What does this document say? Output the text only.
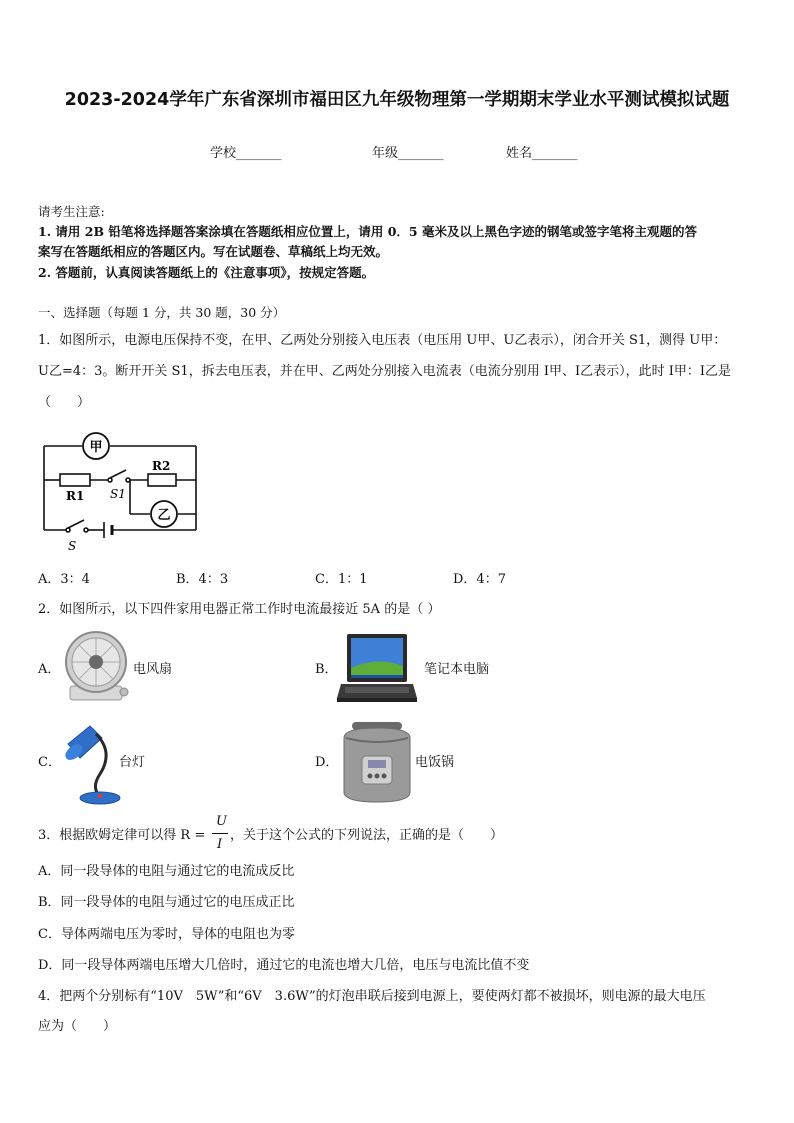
2023-2024学年广东省深圳市福田区九年级物理第一学期期末学业水平测试模拟试题
学校_______	年级_______	姓名_______
请考生注意:
1. 请用 2B 铅笔将选择题答案涂填在答题纸相应位置上，请用 0．5 毫米及以上黑色字迹的钢笔或签字笔将主观题的答
案写在答题纸相应的答题区内。写在试题卷、草稿纸上均无效。
2. 答题前，认真阅读答题纸上的《注意事项》，按规定答题。
一、选择题（每题 1 分，共 30 题，30 分）
1．如图所示，电源电压保持不变，在甲、乙两处分别接入电压表（电压用 U甲、U乙表示），闭合开关 S1，测得 U甲：
U乙=4：3。断开开关 S1，拆去电压表，并在甲、乙两处分别接入电流表（电流分别用 I甲、I乙表示），此时 I甲：I乙是
（　　）
甲
乙
R1
R2
S1
S
A．3：4	B．4：3	C．1：1	D．4：7
2．如图所示，以下四件家用电器正常工作时电流最接近 5A 的是（ ）
A．	电风扇	B．	笔记本电脑
C．	台灯	D．	电饭锅
3．根据欧姆定律可以得 R =
U
I
，关于这个公式的下列说法，正确的是（　　）
A．同一段导体的电阻与通过它的电流成反比
B．同一段导体的电阻与通过它的电压成正比
C．导体两端电压为零时，导体的电阻也为零
D．同一段导体两端电压增大几倍时，通过它的电流也增大几倍，电压与电流比值不变
4．把两个分别标有“10V　5W”和“6V　3.6W”的灯泡串联后接到电源上，要使两灯都不被损坏，则电源的最大电压
应为（　　）
